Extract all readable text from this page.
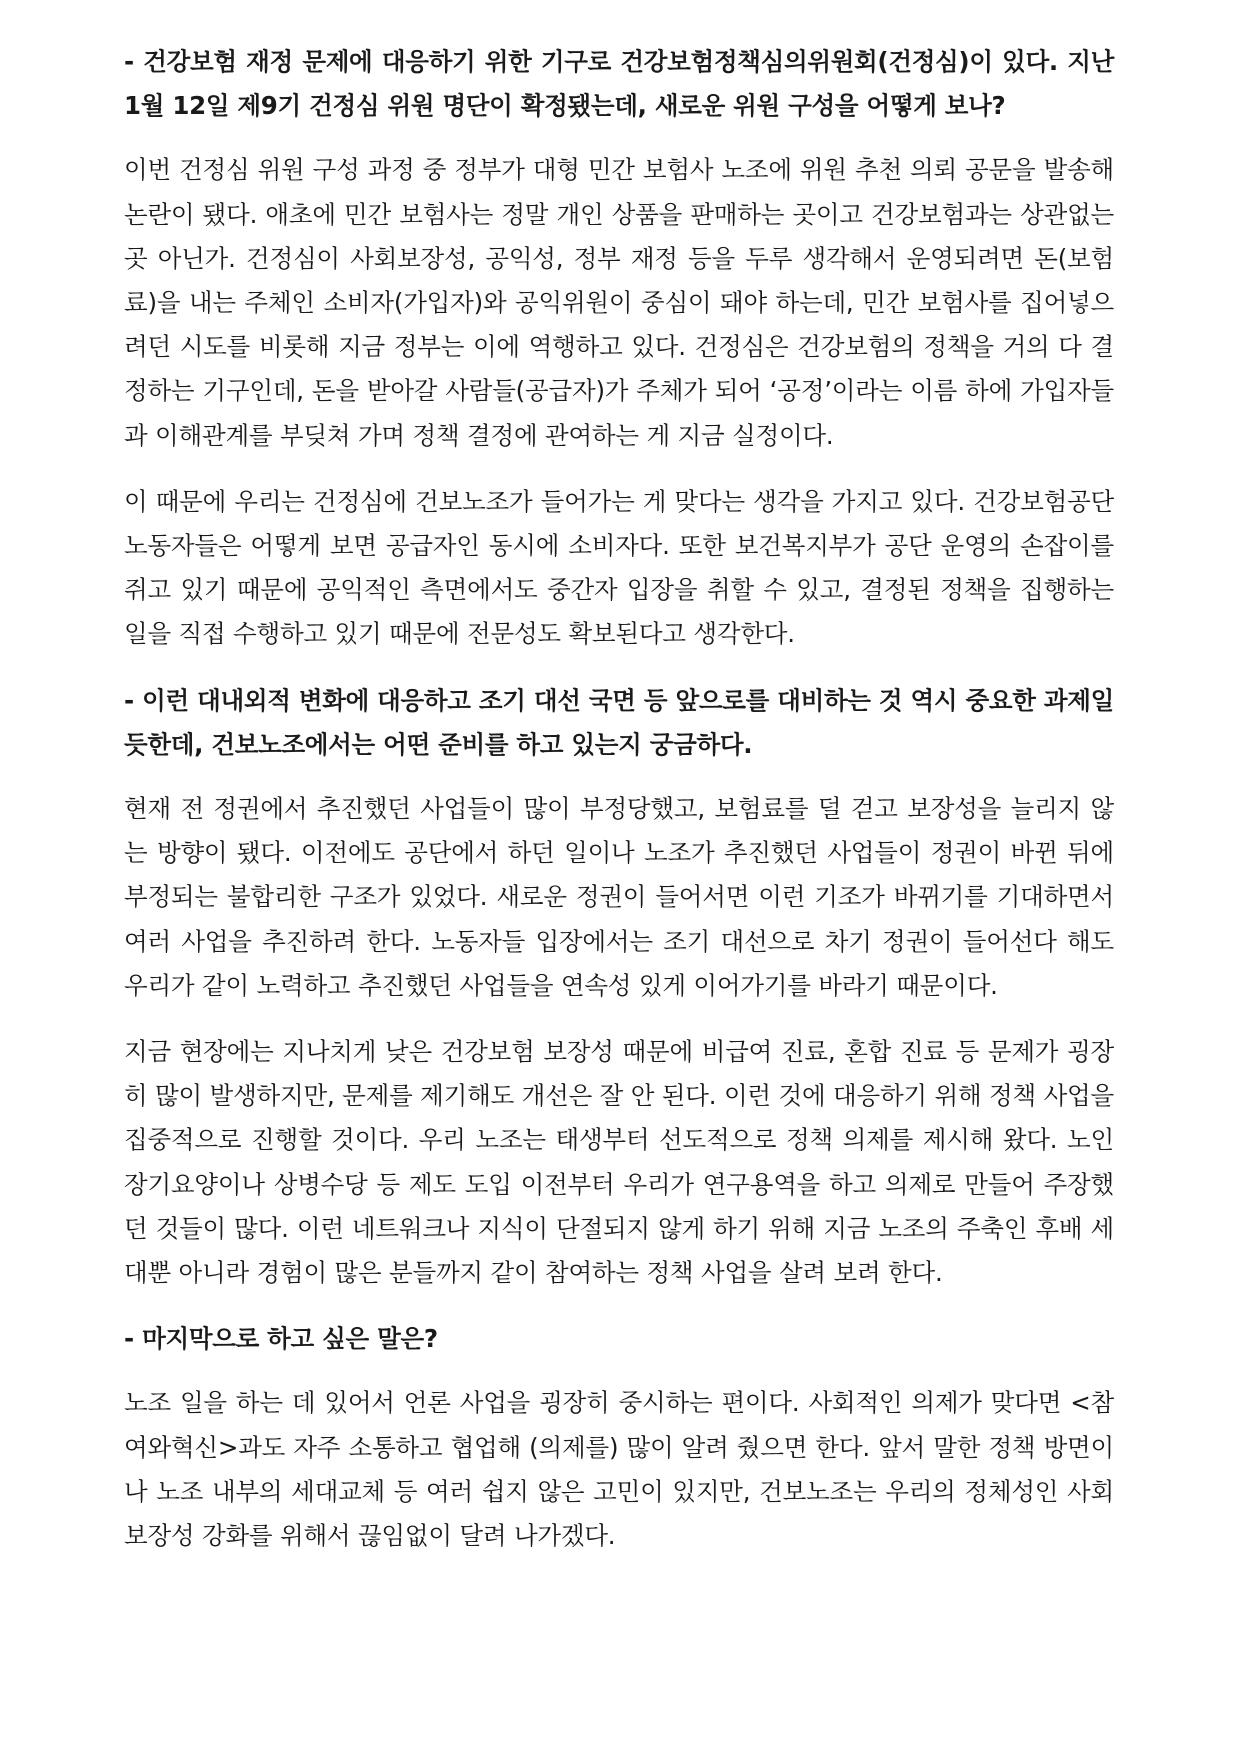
- 건강보험 재정 문제에 대응하기 위한 기구로 건강보험정책심의위원회(건정심)이 있다. 지난 1월 12일 제9기 건정심 위원 명단이 확정됐는데, 새로운 위원 구성을 어떻게 보나?

이번 건정심 위원 구성 과정 중 정부가 대형 민간 보험사 노조에 위원 추천 의뢰 공문을 발송해 논란이 됐다. 애초에 민간 보험사는 정말 개인 상품을 판매하는 곳이고 건강보험과는 상관없는 곳 아닌가. 건정심이 사회보장성, 공익성, 정부 재정 등을 두루 생각해서 운영되려면 돈(보험료)을 내는 주체인 소비자(가입자)와 공익위원이 중심이 돼야 하는데, 민간 보험사를 집어넣으려던 시도를 비롯해 지금 정부는 이에 역행하고 있다. 건정심은 건강보험의 정책을 거의 다 결정하는 기구인데, 돈을 받아갈 사람들(공급자)가 주체가 되어 ‘공정’이라는 이름 하에 가입자들과 이해관계를 부딪쳐 가며 정책 결정에 관여하는 게 지금 실정이다.

이 때문에 우리는 건정심에 건보노조가 들어가는 게 맞다는 생각을 가지고 있다. 건강보험공단 노동자들은 어떻게 보면 공급자인 동시에 소비자다. 또한 보건복지부가 공단 운영의 손잡이를 쥐고 있기 때문에 공익적인 측면에서도 중간자 입장을 취할 수 있고, 결정된 정책을 집행하는 일을 직접 수행하고 있기 때문에 전문성도 확보된다고 생각한다.

- 이런 대내외적 변화에 대응하고 조기 대선 국면 등 앞으로를 대비하는 것 역시 중요한 과제일 듯한데, 건보노조에서는 어떤 준비를 하고 있는지 궁금하다.

현재 전 정권에서 추진했던 사업들이 많이 부정당했고, 보험료를 덜 걷고 보장성을 늘리지 않는 방향이 됐다. 이전에도 공단에서 하던 일이나 노조가 추진했던 사업들이 정권이 바뀐 뒤에 부정되는 불합리한 구조가 있었다. 새로운 정권이 들어서면 이런 기조가 바뀌기를 기대하면서 여러 사업을 추진하려 한다. 노동자들 입장에서는 조기 대선으로 차기 정권이 들어선다 해도 우리가 같이 노력하고 추진했던 사업들을 연속성 있게 이어가기를 바라기 때문이다.

지금 현장에는 지나치게 낮은 건강보험 보장성 때문에 비급여 진료, 혼합 진료 등 문제가 굉장히 많이 발생하지만, 문제를 제기해도 개선은 잘 안 된다. 이런 것에 대응하기 위해 정책 사업을 집중적으로 진행할 것이다. 우리 노조는 태생부터 선도적으로 정책 의제를 제시해 왔다. 노인장기요양이나 상병수당 등 제도 도입 이전부터 우리가 연구용역을 하고 의제로 만들어 주장했던 것들이 많다. 이런 네트워크나 지식이 단절되지 않게 하기 위해 지금 노조의 주축인 후배 세대뿐 아니라 경험이 많은 분들까지 같이 참여하는 정책 사업을 살려 보려 한다.

- 마지막으로 하고 싶은 말은?

노조 일을 하는 데 있어서 언론 사업을 굉장히 중시하는 편이다. 사회적인 의제가 맞다면 <참여와혁신>과도 자주 소통하고 협업해 (의제를) 많이 알려 줬으면 한다. 앞서 말한 정책 방면이나 노조 내부의 세대교체 등 여러 쉽지 않은 고민이 있지만, 건보노조는 우리의 정체성인 사회 보장성 강화를 위해서 끊임없이 달려 나가겠다.
